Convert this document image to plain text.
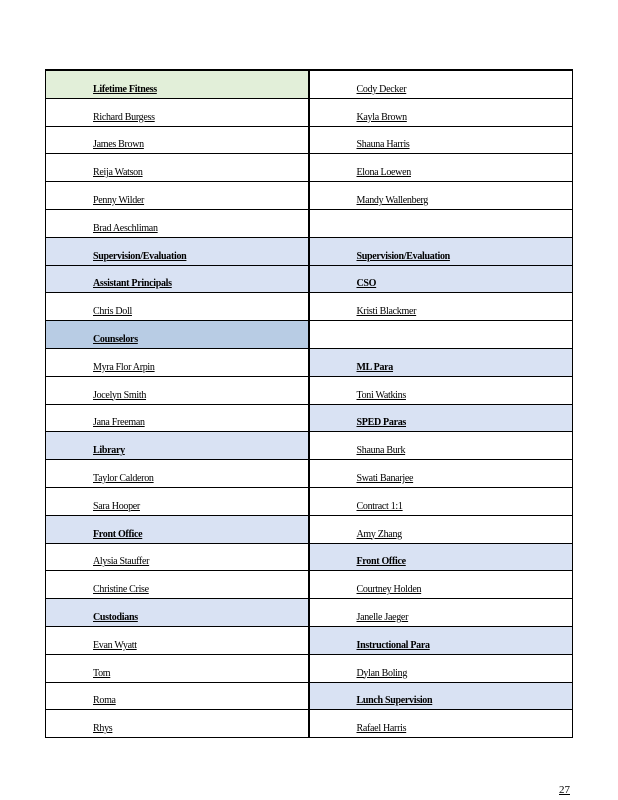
Lifetime Fitness	Cody Decker
Richard Burgess	Kayla Brown
James Brown	Shauna Harris
Reija Watson	Elona Loewen
Penny Wilder	Mandy Wallenberg
Brad Aeschliman	
Supervision/Evaluation	Supervision/Evaluation
Assistant Principals	CSO
Chris Doll	Kristi Blackmer
Counselors	
Myra Flor Arpin	ML Para
Jocelyn Smith	Toni Watkins
Jana Freeman	SPED Paras
Library	Shauna Burk
Taylor Calderon	Swati Banarjee
Sara Hooper	Contract 1:1
Front Office	Amy Zhang
Alysia Stauffer	Front Office
Christine Crise	Courtney Holden
Custodians	Janelle Jaeger
Evan Wyatt	Instructional Para
Tom	Dylan Boling
Roma	Lunch Supervision
Rhys	Rafael Harris
27
